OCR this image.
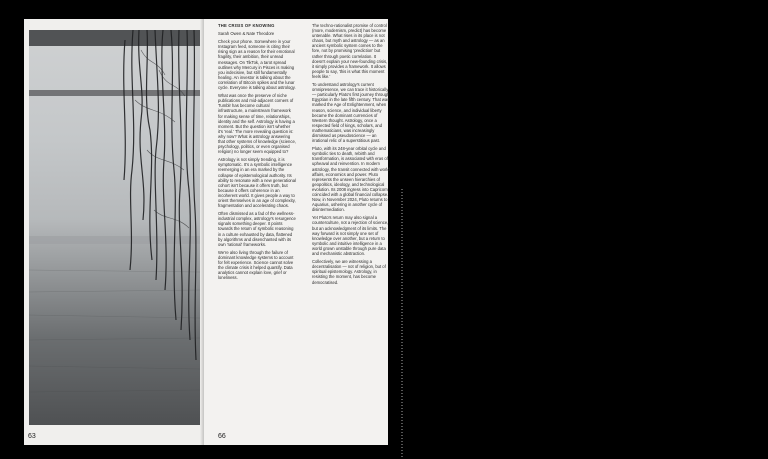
63

THE CRISIS OF KNOWING

Sarah Owen & Nate Theodore

Check your phone. Somewhere in your Instagram feed, someone is citing their rising sign as a reason for their emotional fragility, their ambition, their unread messages. On TikTok, a tarot spread outlines why Mercury in Pisces is making you indecisive, but still fundamentally healing. An investor is talking about the correlation of Bitcoin spikes and the lunar cycle. Everyone is talking about astrology.

What was once the preserve of niche publications and mid-adjacent corners of Tumblr has become cultural infrastructure, a mainstream framework for making sense of time, relationships, identity and the self. Astrology is having a moment. But the question isn't whether it's 'real.' The more revealing question is: why now? What is astrology answering that other systems of knowledge (science, psychology, politics, or even organised religion) no longer seem equipped to?

Astrology is not simply trending, it is symptomatic. It's a symbolic intelligence reemerging in an era marked by the collapse of epistemological authority. Its ability to resonate with a new generational cohort isn't because it offers truth, but because it offers coherence in an incoherent world. It gives people a way to orient themselves in an age of complexity, fragmentation and accelerating chaos.

Often dismissed as a fad of the wellness-industrial complex, astrology's resurgence signals something deeper. It points towards the return of symbolic reasoning in a culture exhausted by data, flattened by algorithms and disenchanted with its own 'rational' frameworks.

We're also living through the failure of dominant knowledge systems to account for felt experience. Science cannot solve the climate crisis it helped quantify. Data analytics cannot explain love, grief or loneliness.

The techno-rationalist promise of control (more, modernism, predict) has become untenable. What rises in its place is not chaos, but myth and astrology — as an ancient symbolic system comes to the fore, not by promising 'prediction' but rather through poetic correlation. It doesn't explain your new-founding crisis, it simply provides a framework. It allows people to say, 'this is what this moment feels like.'

To understand astrology's current omnipresence, we can trace it historically — particularly Plato's first journey through Egyptian in the late fifth century. That was marked the Age of Enlightenment, when reason, science, and individual liberty became the dominant currencies of Western thought. Astrology, once a respected field of kings, scholars, and mathematicians, was increasingly dismissed as pseudoscience — an irrational relic of a superstitious past.

Pluto, with its 248-year orbital cycle and symbolic ties to death, rebirth and transformation, is associated with eras of upheaval and reinvention. In modern astrology, the transit connected with world affairs, economics and power. Pluto represents the unseen hierarchies of geopolitics, ideology, and technological evolution. Its 2008 ingress into Capricorn coincided with a global financial collapse. Now, in November 2024, Pluto returns to Aquarius, ushering in another cycle of disintermediation.

Yet Pluto's return may also signal a counterculture, not a rejection of science, but an acknowledgment of its limits. The way forward is not simply one set of knowledge over another, but a return to symbolic and intuitive intelligence in a world grown unstable through pure data and mechanistic abstraction.

Collectively, we are witnessing a decentralisation — not of religion, but of spiritual epistemology. Astrology, in resisting the moment, has become democratised.

66
